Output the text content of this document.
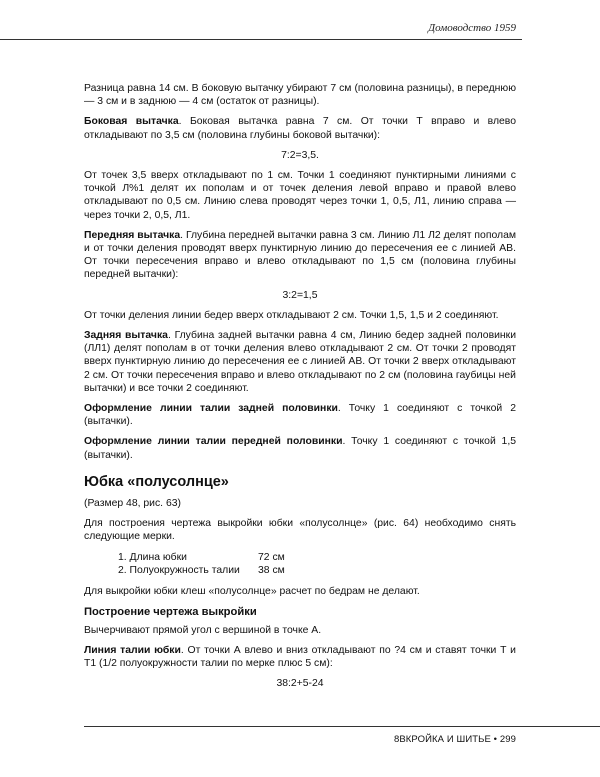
Домоводство 1959

Разница равна 14 см. В боковую вытачку убирают 7 см (половина разницы), в переднюю — 3 см и в заднюю — 4 см (остаток от разницы).

Боковая вытачка. Боковая вытачка равна 7 см. От точки Т вправо и влево откладывают по 3,5 см (половина глубины боковой вытачки):

7:2=3,5.

От точек 3,5 вверх откладывают по 1 см. Точки 1 соединяют пунктирными линиями с точкой Л%1 делят их пополам и от точек деления левой вправо и правой влево откладывают по 0,5 см. Линию слева проводят через точки 1, 0,5, Л1, линию справа — через точки 2, 0,5, Л1.

Передняя вытачка. Глубина передней вытачки равна 3 см. Линию Л1 Л2 делят пополам и от точки деления проводят вверх пунктирную линию до пересечения ее с линией АВ. От точки пересечения вправо и влево откладывают по 1,5 см (половина глубины передней вытачки):

3:2=1,5

От точки деления линии бедер вверх откладывают 2 см. Точки 1,5, 1,5 и 2 соединяют.

Задняя вытачка. Глубина задней вытачки равна 4 см, Линию бедер задней половинки (ЛЛ1) делят пополам в от точки деления влево откладывают 2 см. От точки 2 проводят вверх пунктирную линию до пересечения ее с линией АВ. От точки 2 вверх откладывают 2 см. От точки пересечения вправо и влево откладывают по 2 см (половина гаубицы ней вытачки) и все точки 2 соединяют.

Оформление линии талии задней половинки. Точку 1 соединяют с точкой 2 (вытачки).

Оформление линии талии передней половинки. Точку 1 соединяют с точкой 1,5 (вытачки).

Юбка «полусолнце»

(Размер 48, рис. 63)

Для построения чертежа выкройки юбки «полусолнце» (рис. 64) необходимо снять следующие мерки.

1. Длина юбки	72 см
2. Полуокружность талии	38 см

Для выкройки юбки клеш «полусолнце» расчет по бедрам не делают.

Построение чертежа выкройки

Вычерчивают прямой угол с вершиной в точке А.

Линия талии юбки. От точки А влево и вниз откладывают по ?4 см и ставят точки Т и Т1 (1/2 полуокружности талии по мерке плюс 5 см):

38:2+5-24

8ВКРОЙКА И ШИТЬЕ • 299
